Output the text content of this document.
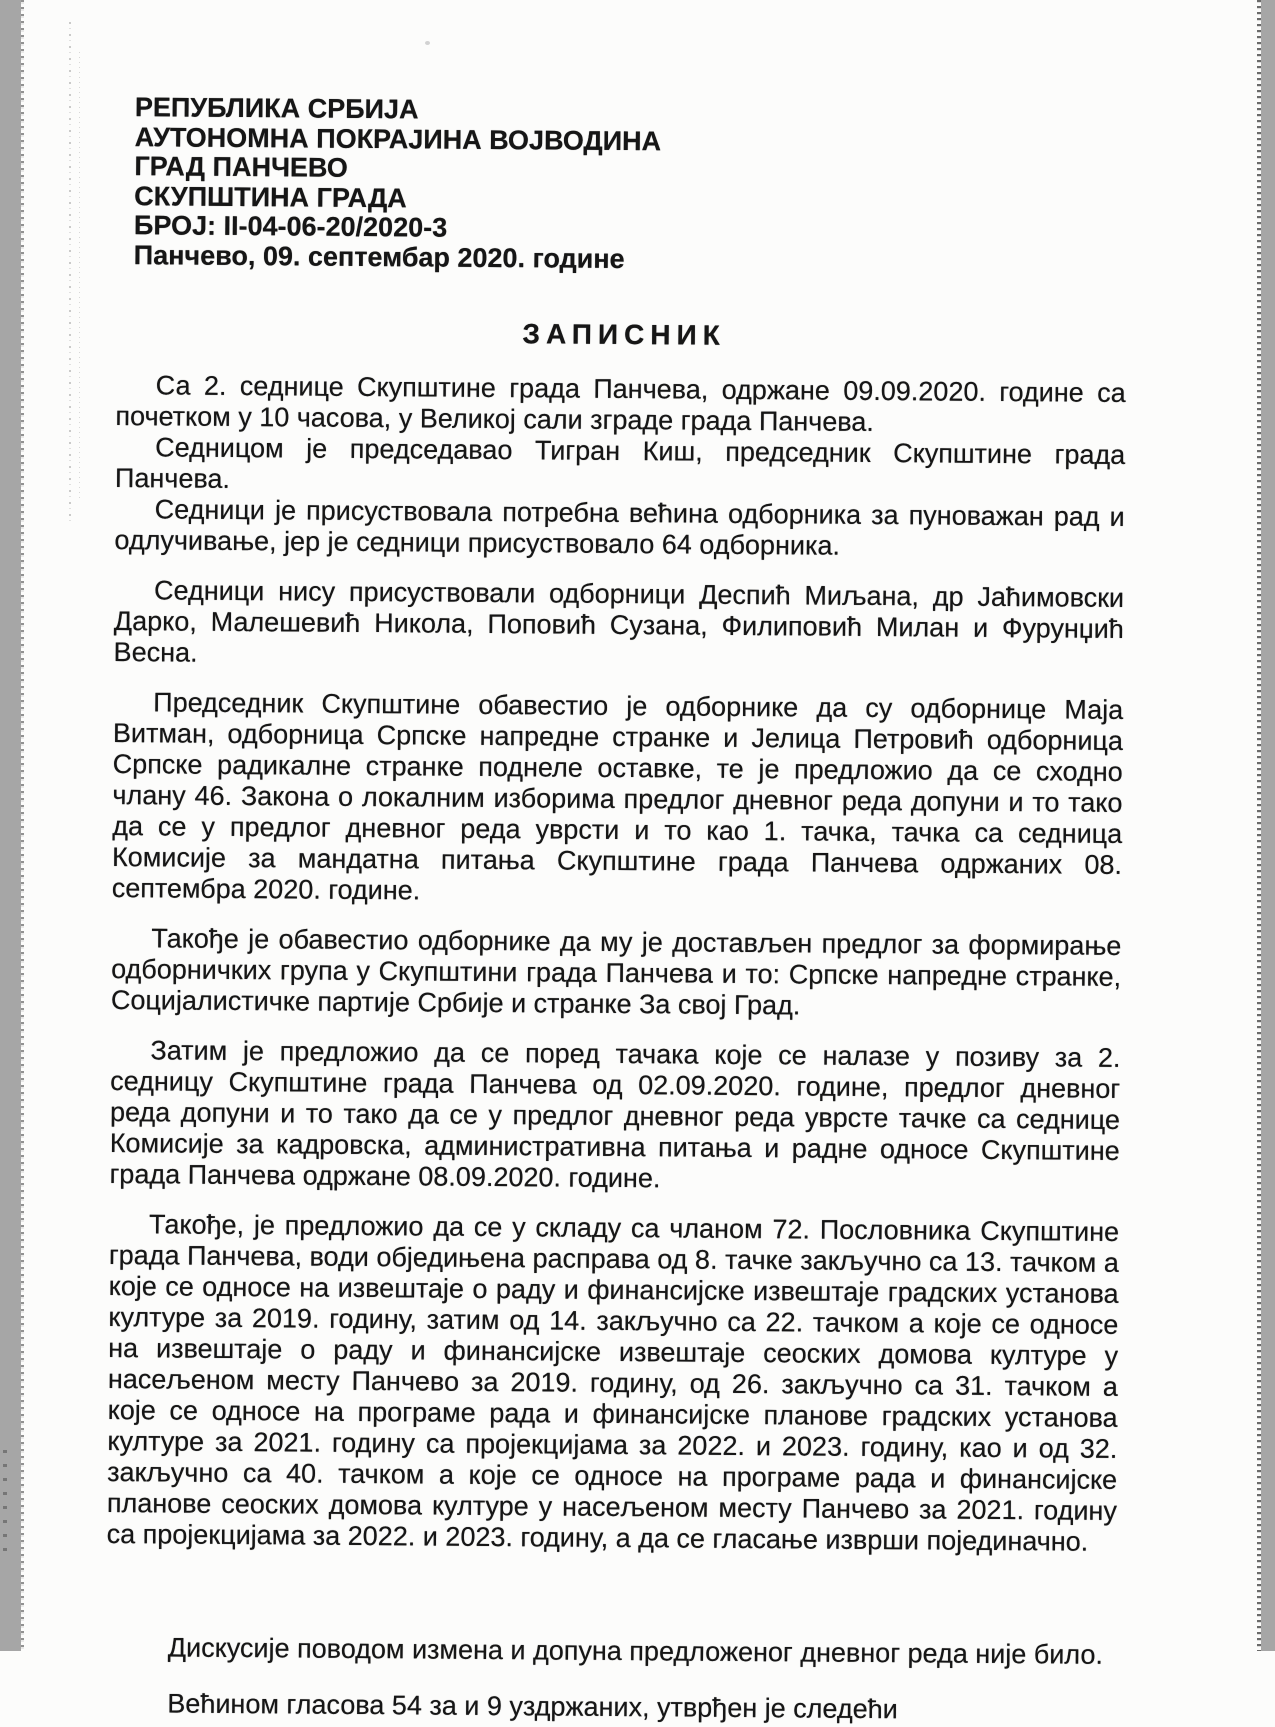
РЕПУБЛИКА СРБИЈА
АУТОНОМНА ПОКРАЈИНА ВОЈВОДИНА
ГРАД ПАНЧЕВО
СКУПШТИНА ГРАДА
БРОЈ: II-04-06-20/2020-3
Панчево, 09. септембар 2020. године
ЗАПИСНИК

Са 2. седнице Скупштине града Панчева, одржане 09.09.2020. године са почетком у 10 часова, у Великој сали зграде града Панчева.

Седницом је председавао Тигран Киш, председник Скупштине града Панчева.

Седници је присуствовала потребна већина одборника за пуноважан рад и одлучивање, јер је седници присуствовало 64 одборника.

Седници нису присуствовали одборници Деспић Миљана, др Јаћимовски Дарко, Малешевић Никола, Поповић Сузана, Филиповић Милан и Фурунџић Весна.

Председник Скупштине обавестио је одборнике да су одборнице Маја Витман, одборница Српске напредне странке и Јелица Петровић одборница Српске радикалне странке поднеле оставке, те је предложио да се сходно члану 46. Закона о локалним изборима предлог дневног реда допуни и то тако да се у предлог дневног реда уврсти и то као 1. тачка, тачка са седница Комисије за мандатна питања Скупштине града Панчева одржаних 08. септембра 2020. године.

Такође је обавестио одборнике да му је достављен предлог за формирање одборничких група у Скупштини града Панчева и то: Српске напредне странке, Социјалистичке партије Србије и странке За свој Град.

Затим је предложио да се поред тачака које се налазе у позиву за 2. седницу Скупштине града Панчева од 02.09.2020. године, предлог дневног реда допуни и то тако да се у предлог дневног реда уврсте тачке са седнице Комисије за кадровска, административна питања и радне односе Скупштине града Панчева одржане 08.09.2020. године.

Такође, је предложио да се у складу са чланом 72. Пословника Скупштине града Панчева, води обједињена расправа од 8. тачке закључно са 13. тачком а које се односе на извештаје о раду и финансијске извештаје градских установа културе за 2019. годину, затим од 14. закључно са 22. тачком а које се односе на извештаје о раду и финансијске извештаје сеоских домова културе у насељеном месту Панчево за 2019. годину, од 26. закључно са 31. тачком а које се односе на програме рада и финансијске планове градских установа културе за 2021. годину са пројекцијама за 2022. и 2023. годину, као и од 32. закључно са 40. тачком а које се односе на програме рада и финансијске планове сеоских домова културе у насељеном месту Панчево за 2021. годину са пројекцијама за 2022. и 2023. годину, а да се гласање изврши појединачно.

Дискусије поводом измена и допуна предложеног дневног реда није било.

Већином гласова 54 за и 9 уздржаних, утврђен је следећи
